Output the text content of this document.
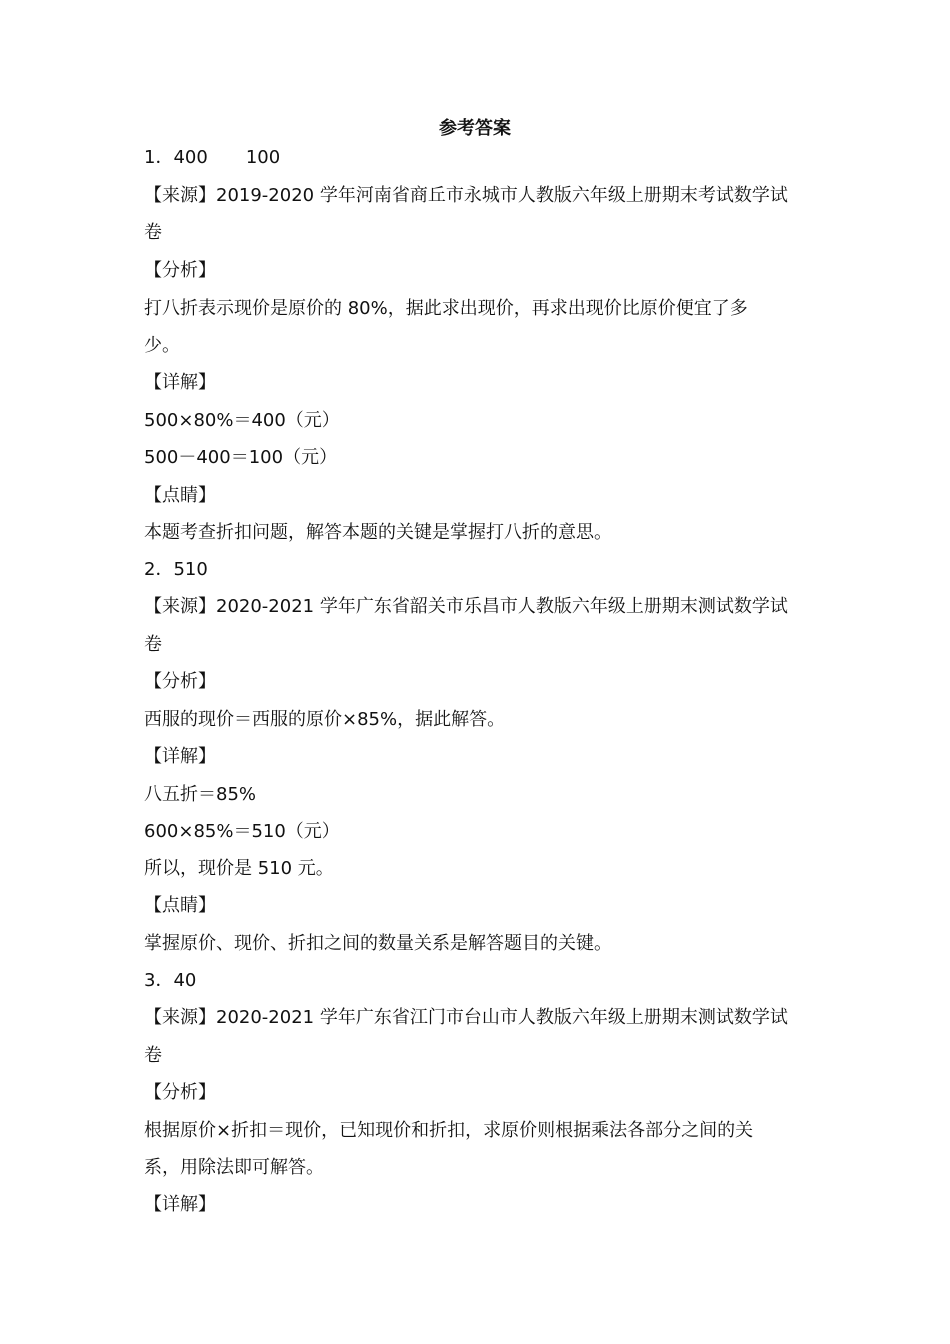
参考答案
1．400 100
【来源】2019-2020 学年河南省商丘市永城市人教版六年级上册期末考试数学试
卷
【分析】
打八折表示现价是原价的 80%，据此求出现价，再求出现价比原价便宜了多
少。
【详解】
500×80%＝400（元）
500－400＝100（元）
【点睛】
本题考查折扣问题，解答本题的关键是掌握打八折的意思。
2．510
【来源】2020-2021 学年广东省韶关市乐昌市人教版六年级上册期末测试数学试
卷
【分析】
西服的现价＝西服的原价×85%，据此解答。
【详解】
八五折＝85%
600×85%＝510（元）
所以，现价是 510 元。
【点睛】
掌握原价、现价、折扣之间的数量关系是解答题目的关键。
3．40
【来源】2020-2021 学年广东省江门市台山市人教版六年级上册期末测试数学试
卷
【分析】
根据原价×折扣＝现价，已知现价和折扣，求原价则根据乘法各部分之间的关
系，用除法即可解答。
【详解】
